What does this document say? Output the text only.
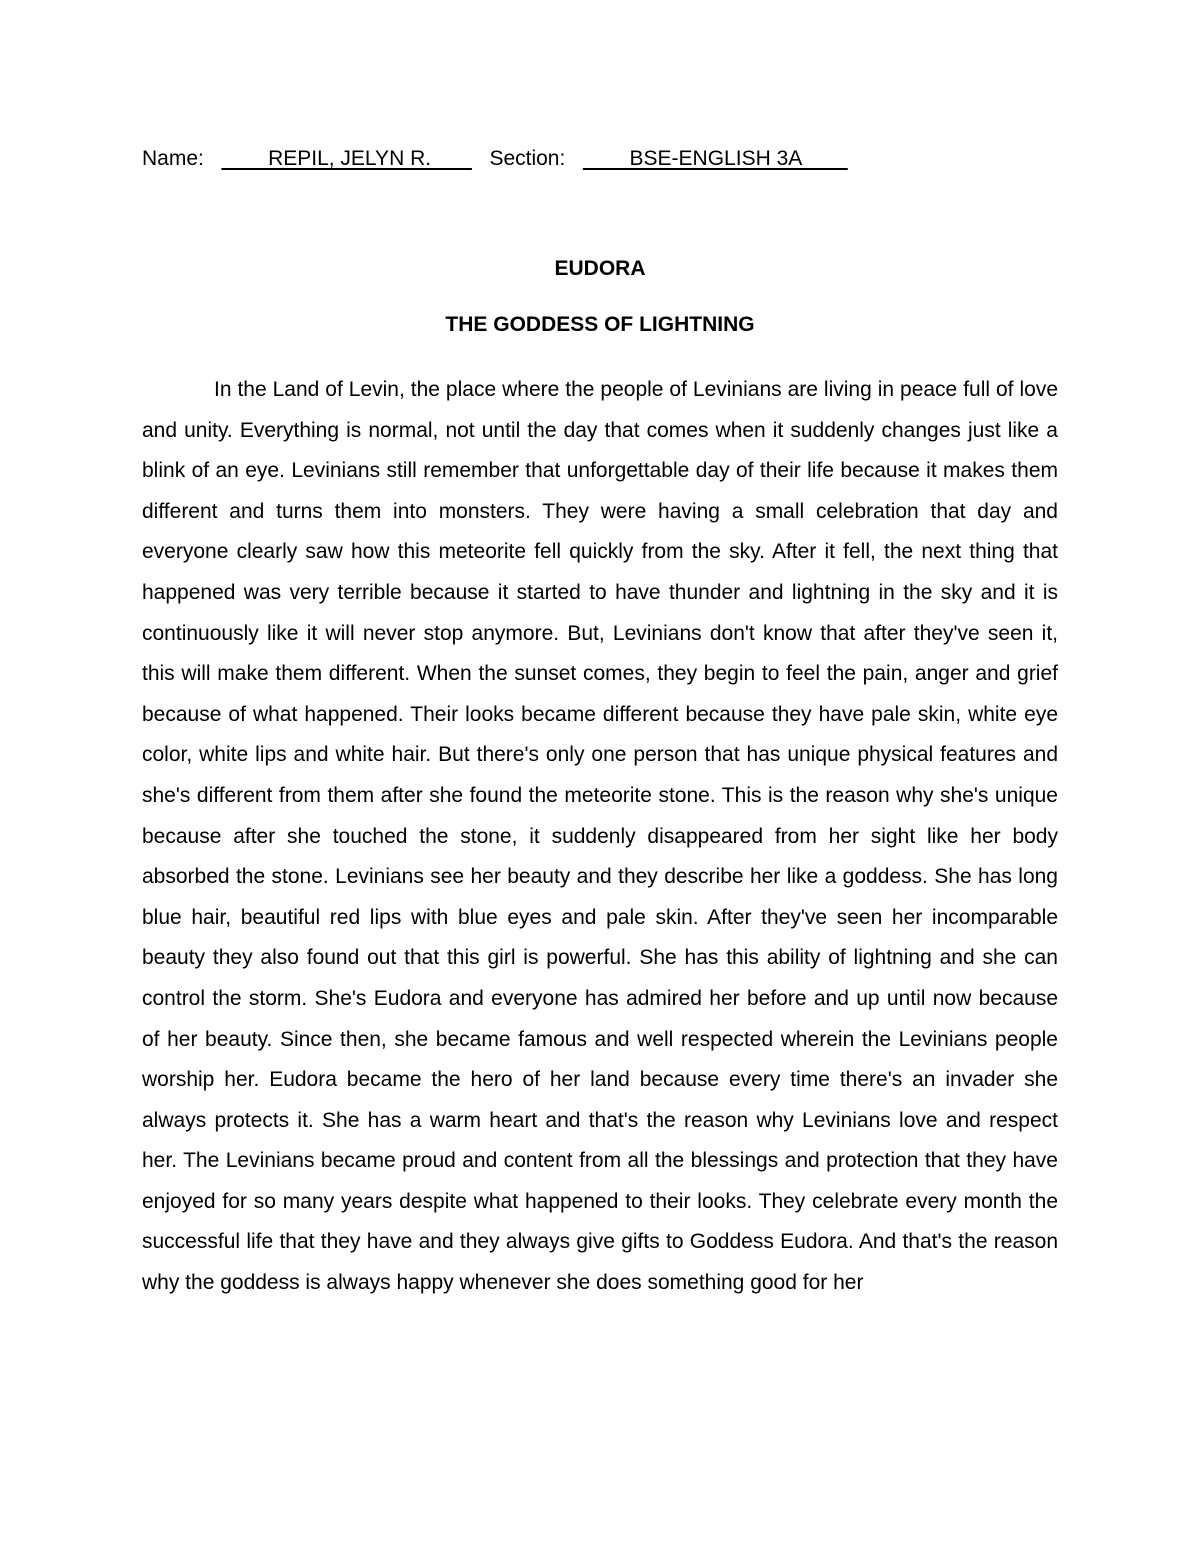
Name:           REPIL, JELYN R.          Section:           BSE-ENGLISH 3A
EUDORA
THE GODDESS OF LIGHTNING

In the Land of Levin, the place where the people of Levinians are living in peace full of love and unity. Everything is normal, not until the day that comes when it suddenly changes just like a blink of an eye. Levinians still remember that unforgettable day of their life because it makes them different and turns them into monsters. They were having a small celebration that day and everyone clearly saw how this meteorite fell quickly from the sky. After it fell, the next thing that happened was very terrible because it started to have thunder and lightning in the sky and it is continuously like it will never stop anymore. But, Levinians don't know that after they've seen it, this will make them different. When the sunset comes, they begin to feel the pain, anger and grief because of what happened. Their looks became different because they have pale skin, white eye color, white lips and white hair. But there's only one person that has unique physical features and she's different from them after she found the meteorite stone. This is the reason why she's unique because after she touched the stone, it suddenly disappeared from her sight like her body absorbed the stone. Levinians see her beauty and they describe her like a goddess. She has long blue hair, beautiful red lips with blue eyes and pale skin. After they've seen her incomparable beauty they also found out that this girl is powerful. She has this ability of lightning and she can control the storm. She's Eudora and everyone has admired her before and up until now because of her beauty. Since then, she became famous and well respected wherein the Levinians people worship her. Eudora became the hero of her land because every time there's an invader she always protects it. She has a warm heart and that's the reason why Levinians love and respect her. The Levinians became proud and content from all the blessings and protection that they have enjoyed for so many years despite what happened to their looks. They celebrate every month the successful life that they have and they always give gifts to Goddess Eudora. And that's the reason why the goddess is always happy whenever she does something good for her
